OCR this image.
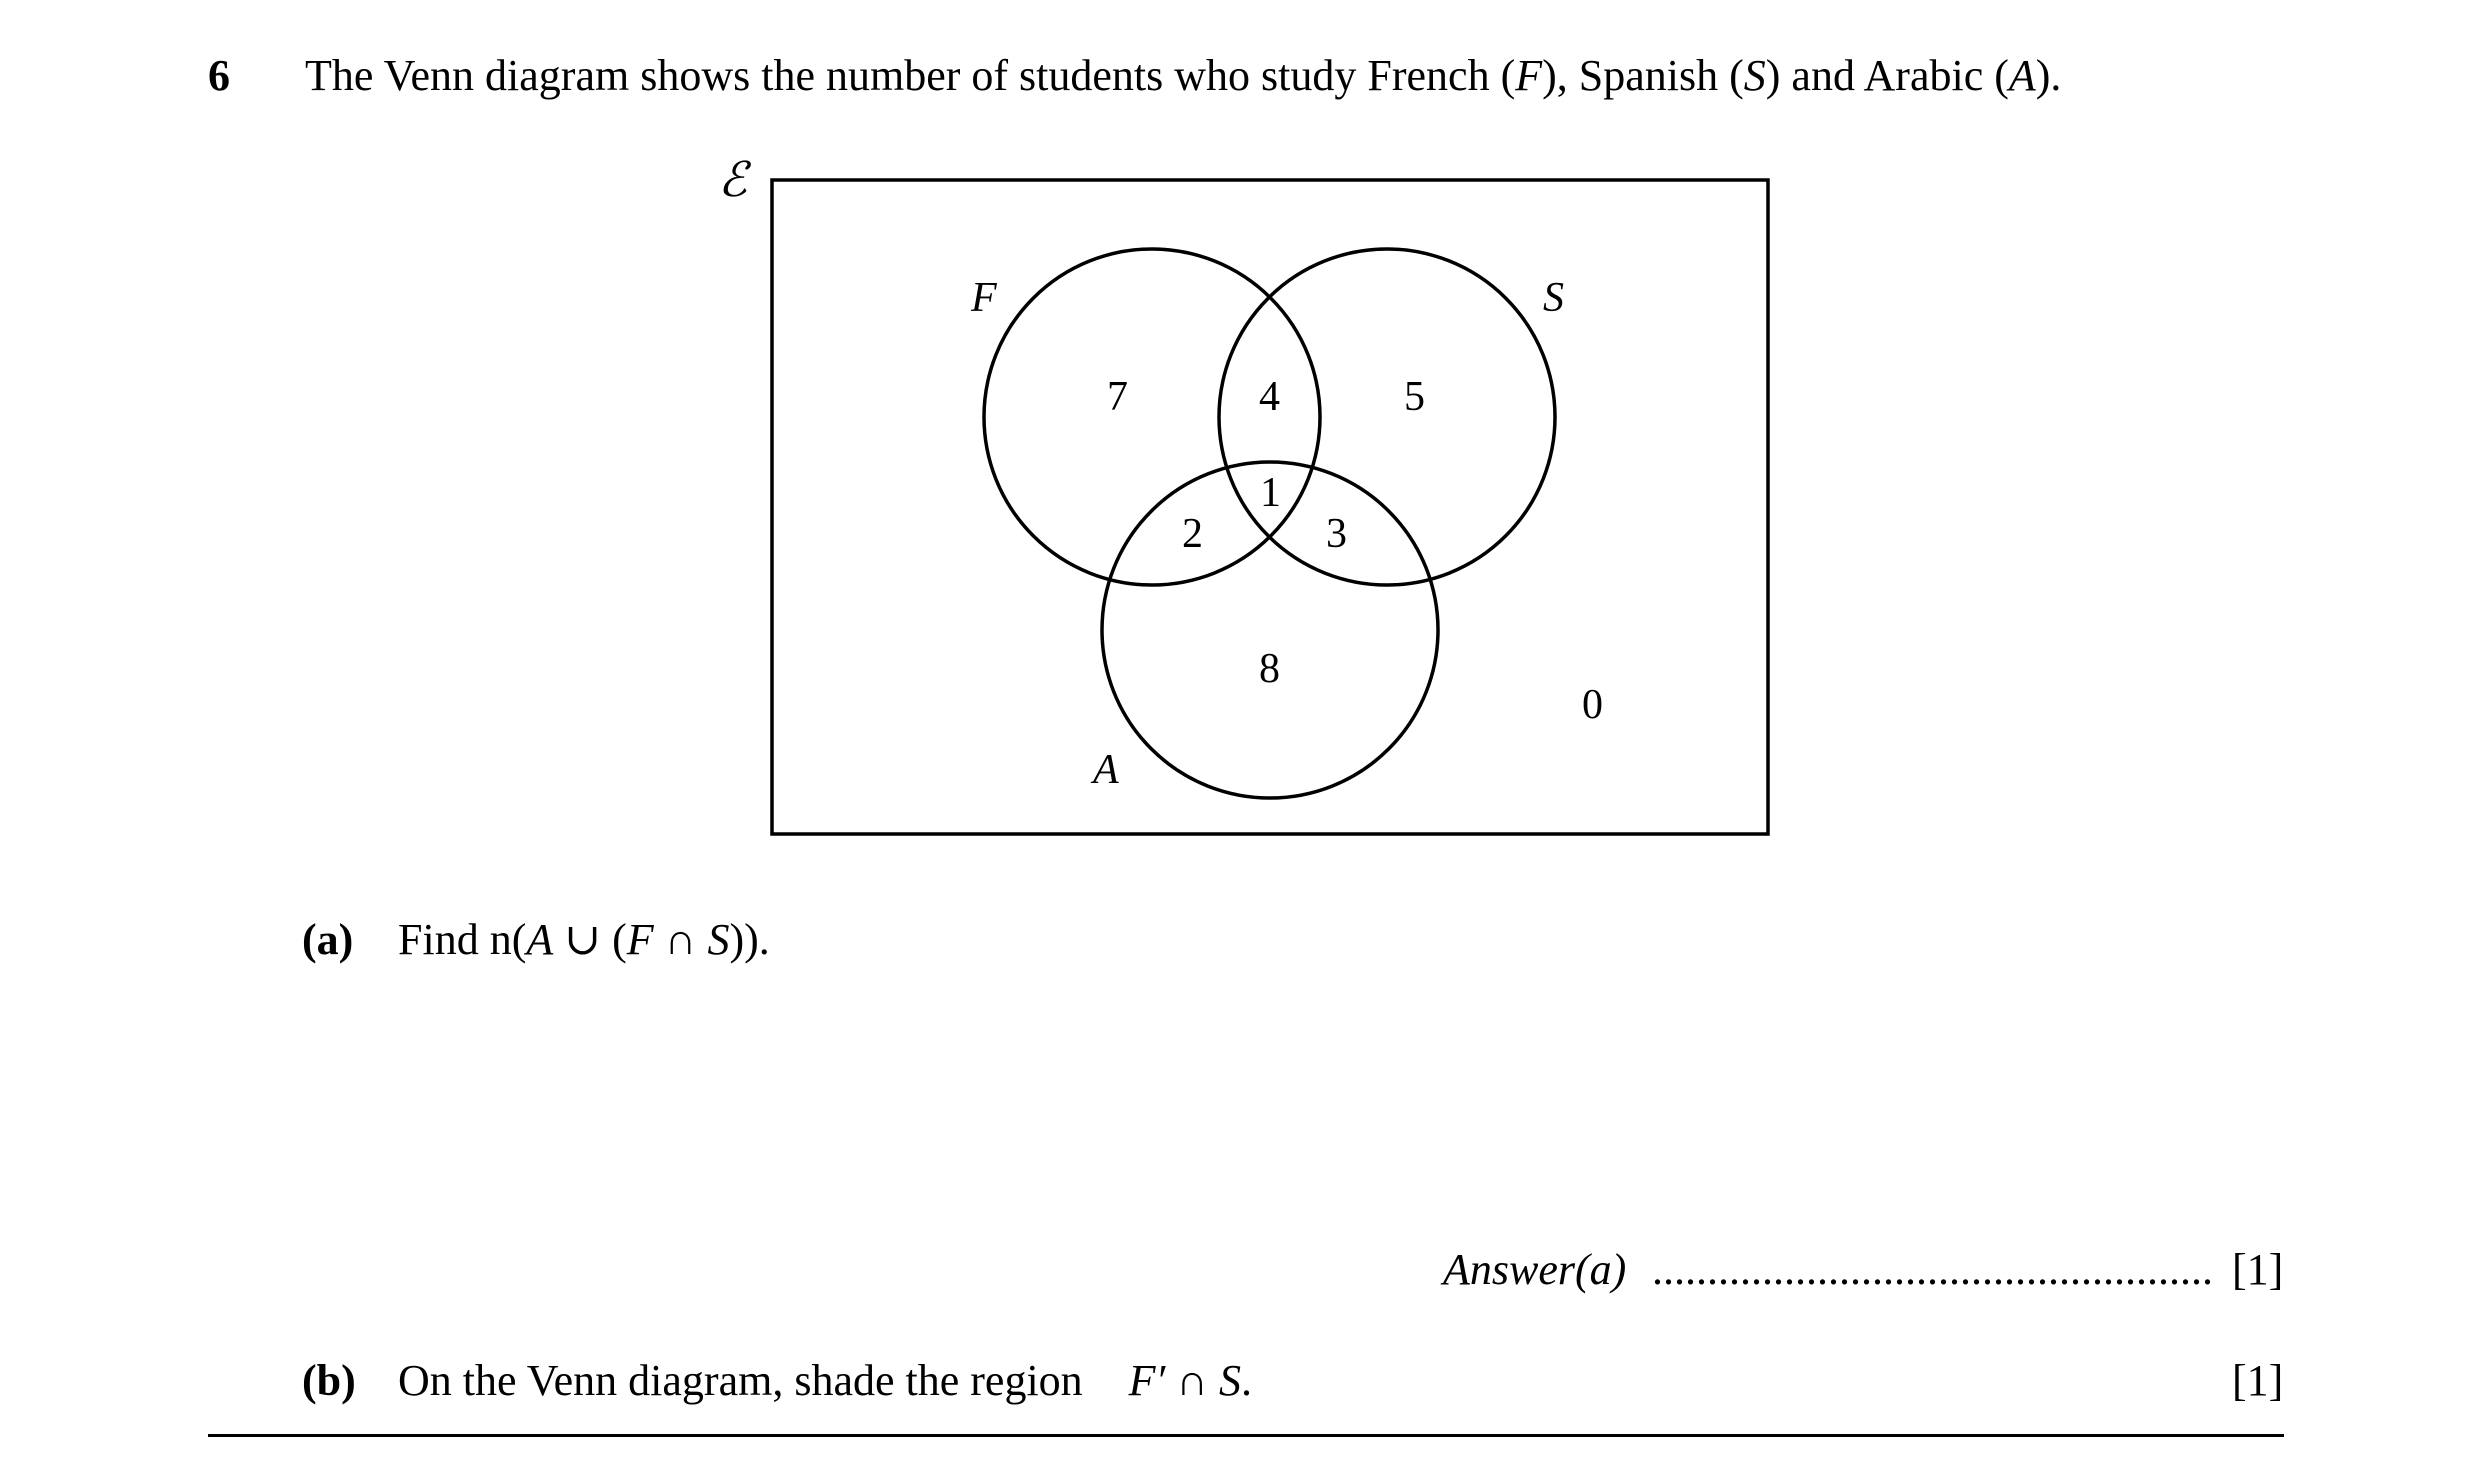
6 The Venn diagram shows the number of students who study French (F), Spanish (S) and Arabic (A).
ℰ
F	S
A
7	4	5
1
2	3
8
0
(a) Find n(A ∪ (F ∩ S)).
Answer(a) ................................................... [1]
(b) On the Venn diagram, shade the region F′ ∩ S.	[1]
